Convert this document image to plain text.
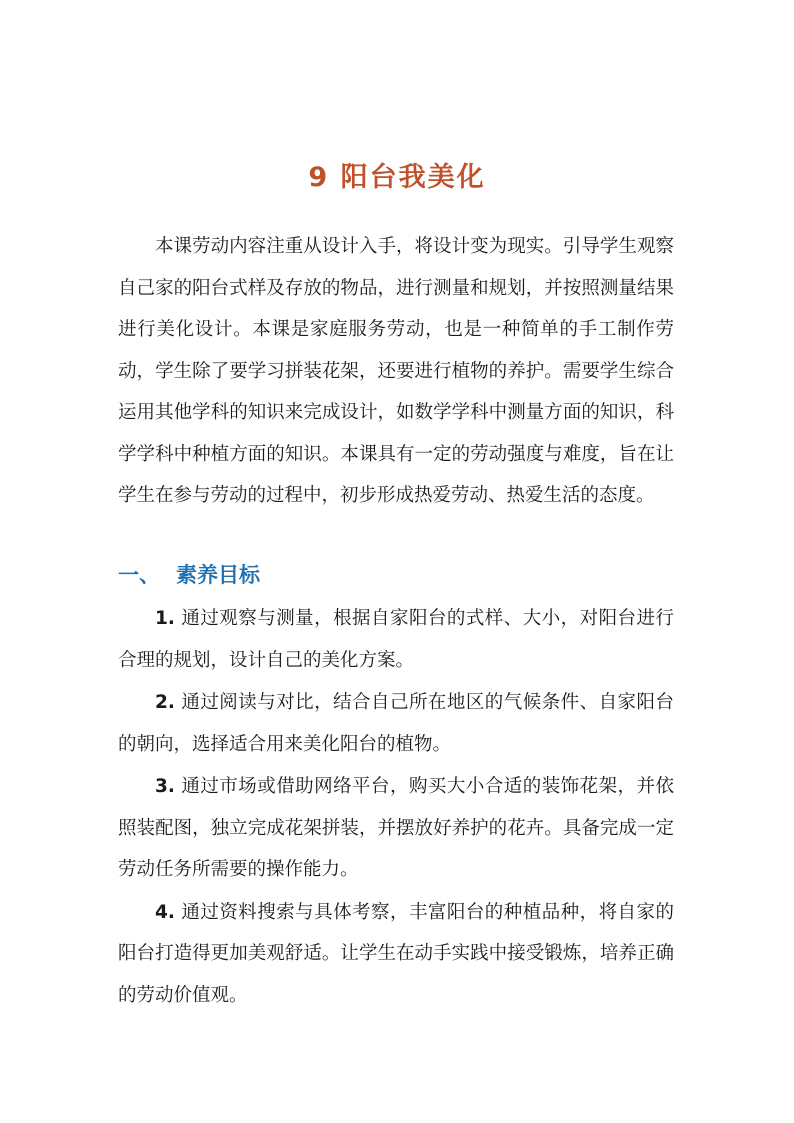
9 阳台我美化

本课劳动内容注重从设计入手，将设计变为现实。引导学生观察自己家的阳台式样及存放的物品，进行测量和规划，并按照测量结果进行美化设计。本课是家庭服务劳动，也是一种简单的手工制作劳动，学生除了要学习拼装花架，还要进行植物的养护。需要学生综合运用其他学科的知识来完成设计，如数学学科中测量方面的知识，科学学科中种植方面的知识。本课具有一定的劳动强度与难度，旨在让学生在参与劳动的过程中，初步形成热爱劳动、热爱生活的态度。

一、 素养目标

1. 通过观察与测量，根据自家阳台的式样、大小，对阳台进行合理的规划，设计自己的美化方案。

2. 通过阅读与对比，结合自己所在地区的气候条件、自家阳台的朝向，选择适合用来美化阳台的植物。

3. 通过市场或借助网络平台，购买大小合适的装饰花架，并依照装配图，独立完成花架拼装，并摆放好养护的花卉。具备完成一定劳动任务所需要的操作能力。

4. 通过资料搜索与具体考察，丰富阳台的种植品种，将自家的阳台打造得更加美观舒适。让学生在动手实践中接受锻炼，培养正确的劳动价值观。
